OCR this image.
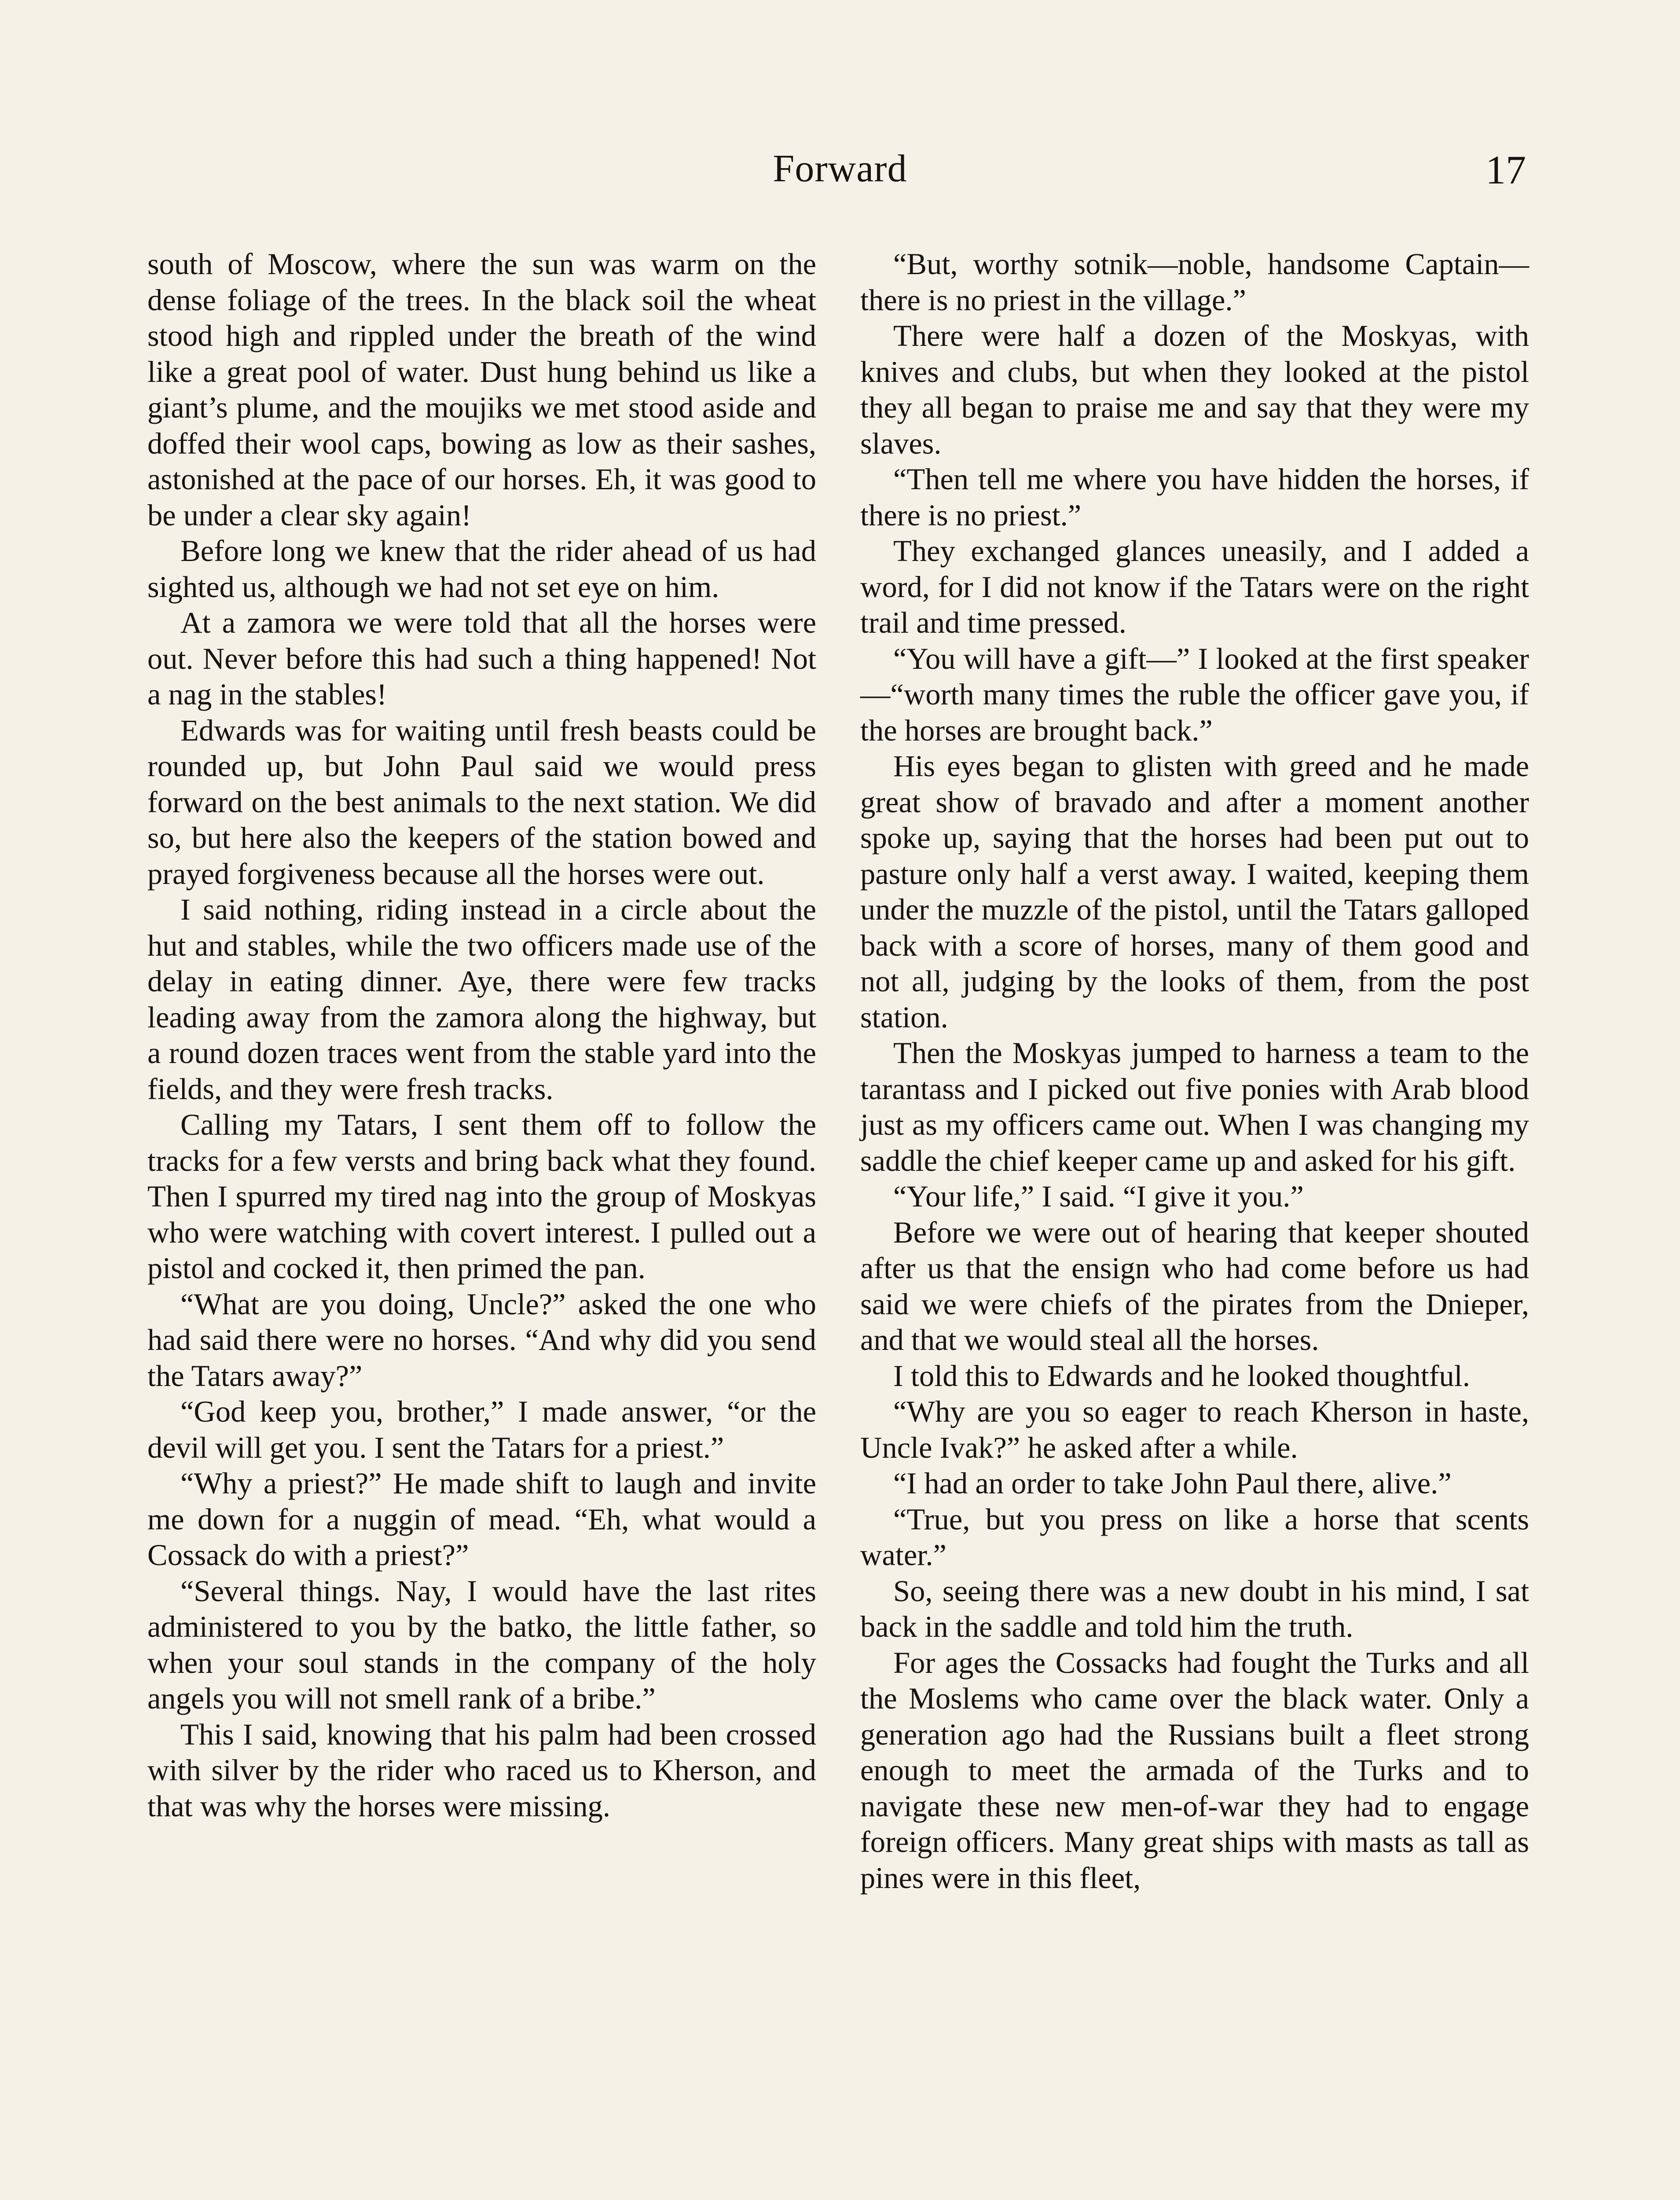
Forward	17

south of Moscow, where the sun was warm on the dense foliage of the trees. In the black soil the wheat stood high and rippled under the breath of the wind like a great pool of water. Dust hung behind us like a giant’s plume, and the moujiks we met stood aside and doffed their wool caps, bowing as low as their sashes, astonished at the pace of our horses. Eh, it was good to be under a clear sky again!

Before long we knew that the rider ahead of us had sighted us, although we had not set eye on him.

At a zamora we were told that all the horses were out. Never before this had such a thing happened! Not a nag in the stables!

Edwards was for waiting until fresh beasts could be rounded up, but John Paul said we would press forward on the best animals to the next station. We did so, but here also the keepers of the station bowed and prayed forgiveness because all the horses were out.

I said nothing, riding instead in a circle about the hut and stables, while the two officers made use of the delay in eating dinner. Aye, there were few tracks leading away from the zamora along the highway, but a round dozen traces went from the stable yard into the fields, and they were fresh tracks.

Calling my Tatars, I sent them off to follow the tracks for a few versts and bring back what they found. Then I spurred my tired nag into the group of Moskyas who were watching with covert interest. I pulled out a pistol and cocked it, then primed the pan.

“What are you doing, Uncle?” asked the one who had said there were no horses. “And why did you send the Tatars away?”

“God keep you, brother,” I made answer, “or the devil will get you. I sent the Tatars for a priest.”

“Why a priest?” He made shift to laugh and invite me down for a nuggin of mead. “Eh, what would a Cossack do with a priest?”

“Several things. Nay, I would have the last rites administered to you by the batko, the little father, so when your soul stands in the company of the holy angels you will not smell rank of a bribe.”

This I said, knowing that his palm had been crossed with silver by the rider who raced us to Kherson, and that was why the horses were missing.

“But, worthy sotnik—noble, handsome Captain—there is no priest in the village.”

There were half a dozen of the Moskyas, with knives and clubs, but when they looked at the pistol they all began to praise me and say that they were my slaves.

“Then tell me where you have hidden the horses, if there is no priest.”

They exchanged glances uneasily, and I added a word, for I did not know if the Tatars were on the right trail and time pressed.

“You will have a gift—” I looked at the first speaker—“worth many times the ruble the officer gave you, if the horses are brought back.”

His eyes began to glisten with greed and he made great show of bravado and after a moment another spoke up, saying that the horses had been put out to pasture only half a verst away. I waited, keeping them under the muzzle of the pistol, until the Tatars galloped back with a score of horses, many of them good and not all, judging by the looks of them, from the post station.

Then the Moskyas jumped to harness a team to the tarantass and I picked out five ponies with Arab blood just as my officers came out. When I was changing my saddle the chief keeper came up and asked for his gift.

“Your life,” I said. “I give it you.”

Before we were out of hearing that keeper shouted after us that the ensign who had come before us had said we were chiefs of the pirates from the Dnieper, and that we would steal all the horses.

I told this to Edwards and he looked thoughtful.

“Why are you so eager to reach Kherson in haste, Uncle Ivak?” he asked after a while.

“I had an order to take John Paul there, alive.”

“True, but you press on like a horse that scents water.”

So, seeing there was a new doubt in his mind, I sat back in the saddle and told him the truth.

For ages the Cossacks had fought the Turks and all the Moslems who came over the black water. Only a generation ago had the Russians built a fleet strong enough to meet the armada of the Turks and to navigate these new men-of-war they had to engage foreign officers. Many great ships with masts as tall as pines were in this fleet,
